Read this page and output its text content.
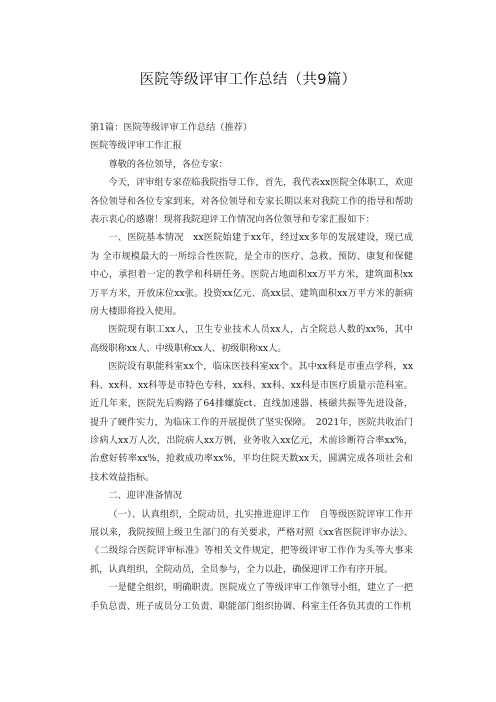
医院等级评审工作总结（共9篇）

第1篇：医院等级评审工作总结（推荐）

医院等级评审工作汇报

尊敬的各位领导，各位专家：

今天，评审组专家莅临我院指导工作，首先，我代表xx医院全体职工，欢迎各位领导和各位专家到来，对各位领导和专家长期以来对我院工作的指导和帮助表示衷心的感谢！现将我院迎评工作情况向各位领导和专家汇报如下：

一、医院基本情况　xx医院始建于xx年，经过xx多年的发展建设，现已成为 全市规模最大的一所综合性医院，是全市的医疗、急救、预防、康复和保健中心，承担着一定的教学和科研任务。医院占地面积xx万平方米，建筑面积xx万平方米，开放床位xx张。投资xx亿元、高xx层、建筑面积xx万平方米的新病房大楼即将投入使用。

医院现有职工xx人，卫生专业技术人员xx人，占全院总人数的xx%，其中高级职称xx人、中级职称xx人、初级职称xx人。

医院设有职能科室xx个，临床医技科室xx个。其中xx科是市重点学科，xx科、xx科、xx科等是市特色专科，xx科、xx科、xx科是市医疗质量示范科室。近几年来，医院先后购路了64排螺旋ct、直线加速器、核磁共振等先进设备，提升了硬件实力，为临床工作的开展提供了坚实保障。　2021年，医院共收治门诊病人xx万人次，出院病人xx万例，业务收入xx亿元，术前诊断符合率xx%，治愈好转率xx%，抢救成功率xx%，平均住院天数xx天，圆满完成各项社会和技术效益指标。

二、迎评准备情况

（一）、认真组织，全院动员，扎实推进迎评工作　自等级医院评审工作开展以来，我院按照上级卫生部门的有关要求，严格对照《xx省医院评审办法》、《二级综合医院评审标准》等相关文件规定，把等级评审工作作为头等大事来抓，认真组织，全院动员，全员参与，全力以赴，确保迎评工作有序开展。

一是健全组织，明确职责。医院成立了等级评审工作领导小组，建立了一把手负总责、班子成员分工负责、职能部门组织协调、科室主任各负其责的工作机
